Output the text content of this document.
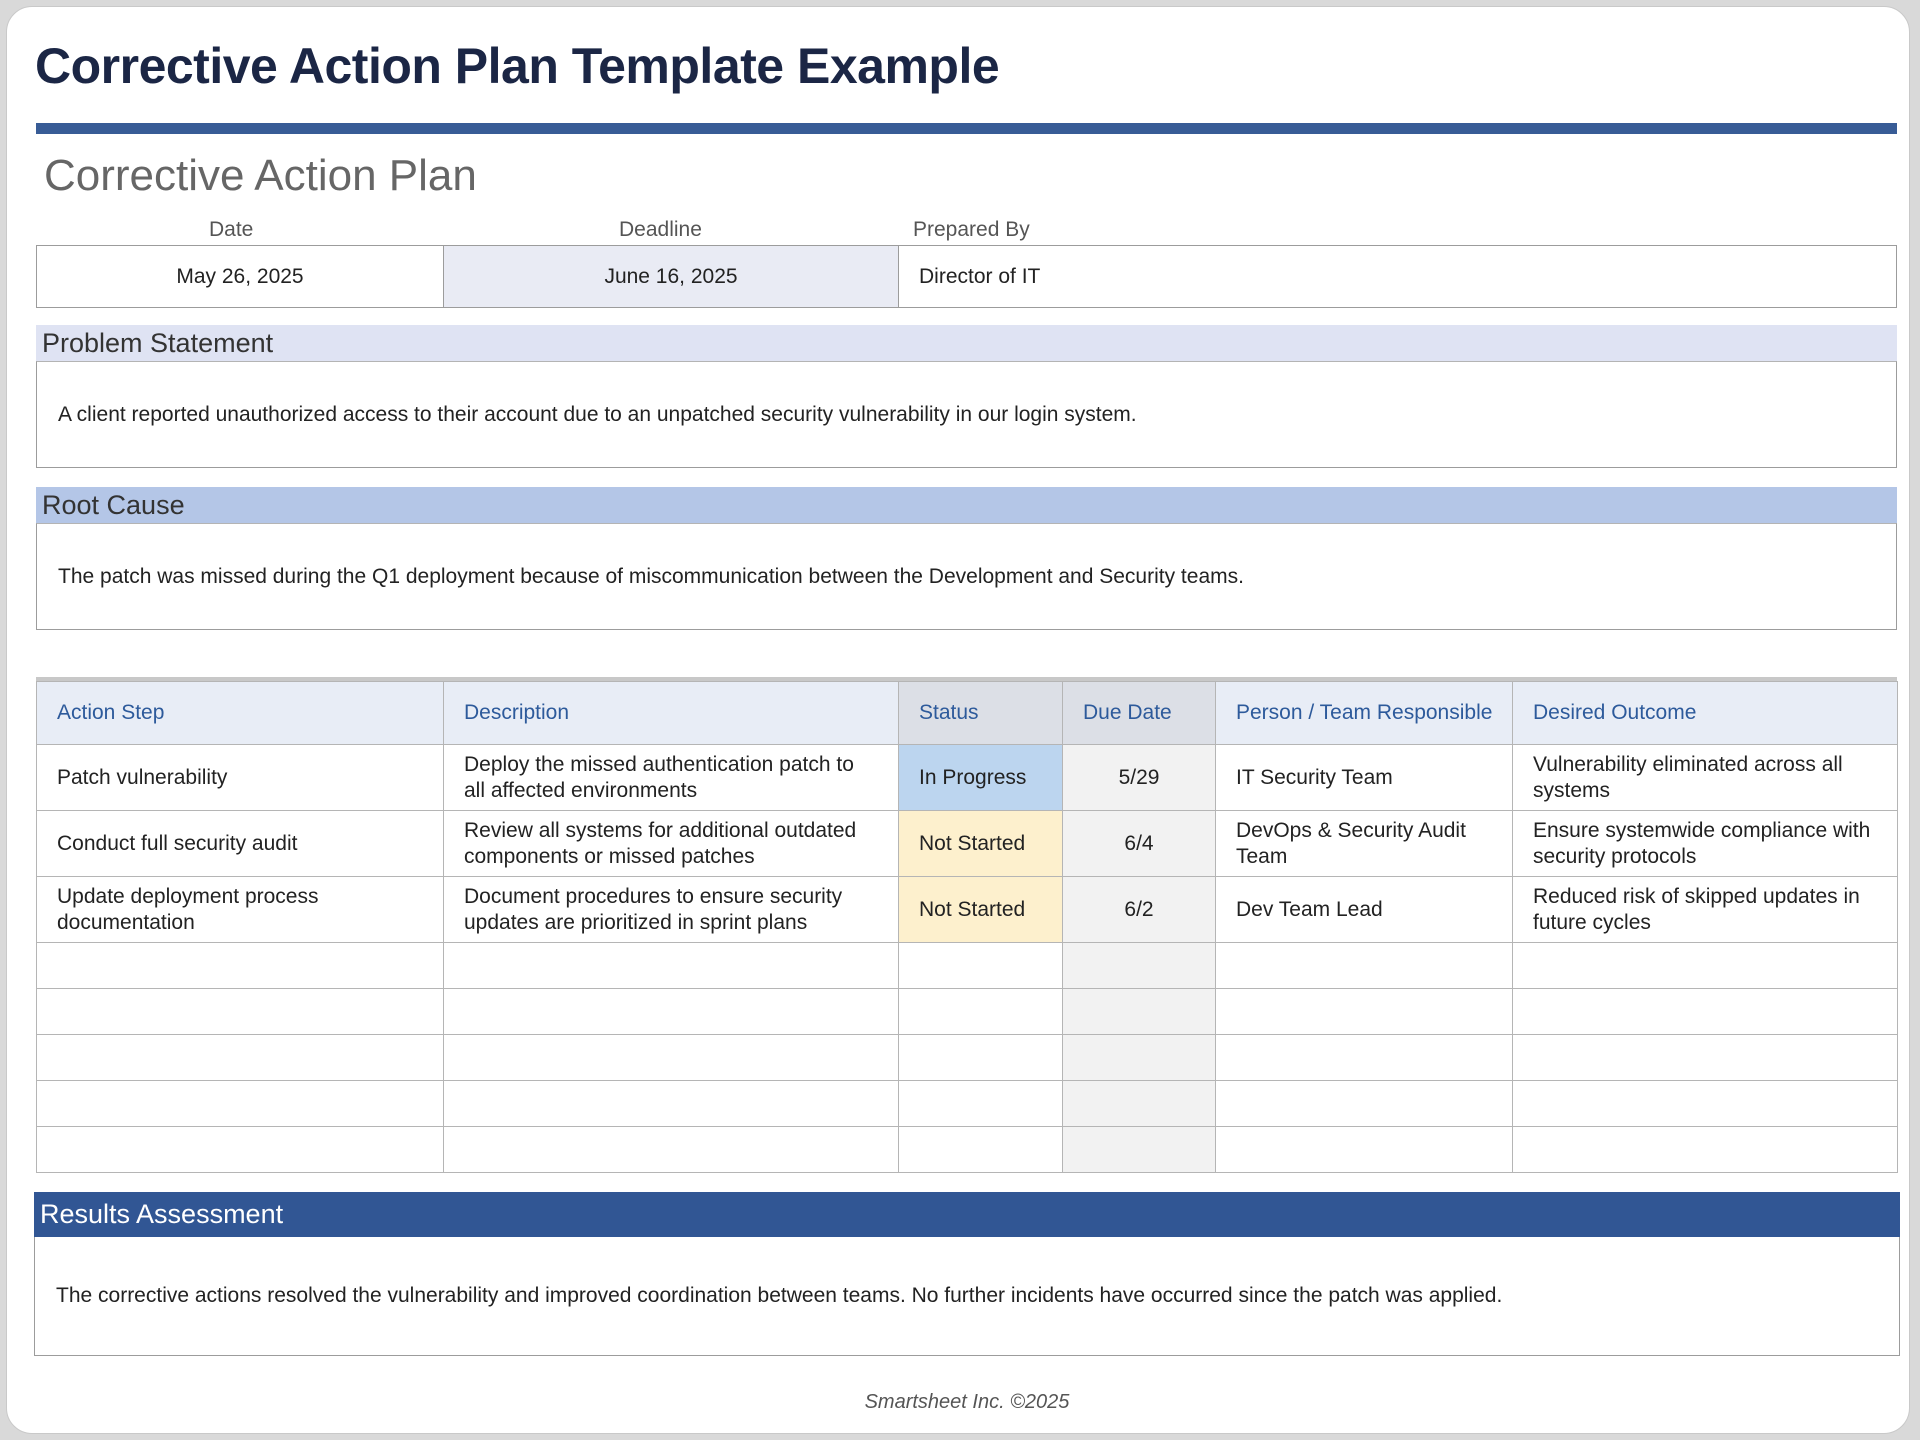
Corrective Action Plan Template Example
Corrective Action Plan
Date	Deadline	Prepared By
May 26, 2025	June 16, 2025	Director of IT
Problem Statement
A client reported unauthorized access to their account due to an unpatched security vulnerability in our login system.
Root Cause
The patch was missed during the Q1 deployment because of miscommunication between the Development and Security teams.
Action Step	Description	Status	Due Date	Person / Team Responsible	Desired Outcome
Patch vulnerability	Deploy the missed authentication patch to all affected environments	In Progress	5/29	IT Security Team	Vulnerability eliminated across all systems
Conduct full security audit	Review all systems for additional outdated components or missed patches	Not Started	6/4	DevOps & Security Audit Team	Ensure systemwide compliance with security protocols
Update deployment process documentation	Document procedures to ensure security updates are prioritized in sprint plans	Not Started	6/2	Dev Team Lead	Reduced risk of skipped updates in future cycles

Results Assessment
The corrective actions resolved the vulnerability and improved coordination between teams. No further incidents have occurred since the patch was applied.
Smartsheet Inc. ©2025
